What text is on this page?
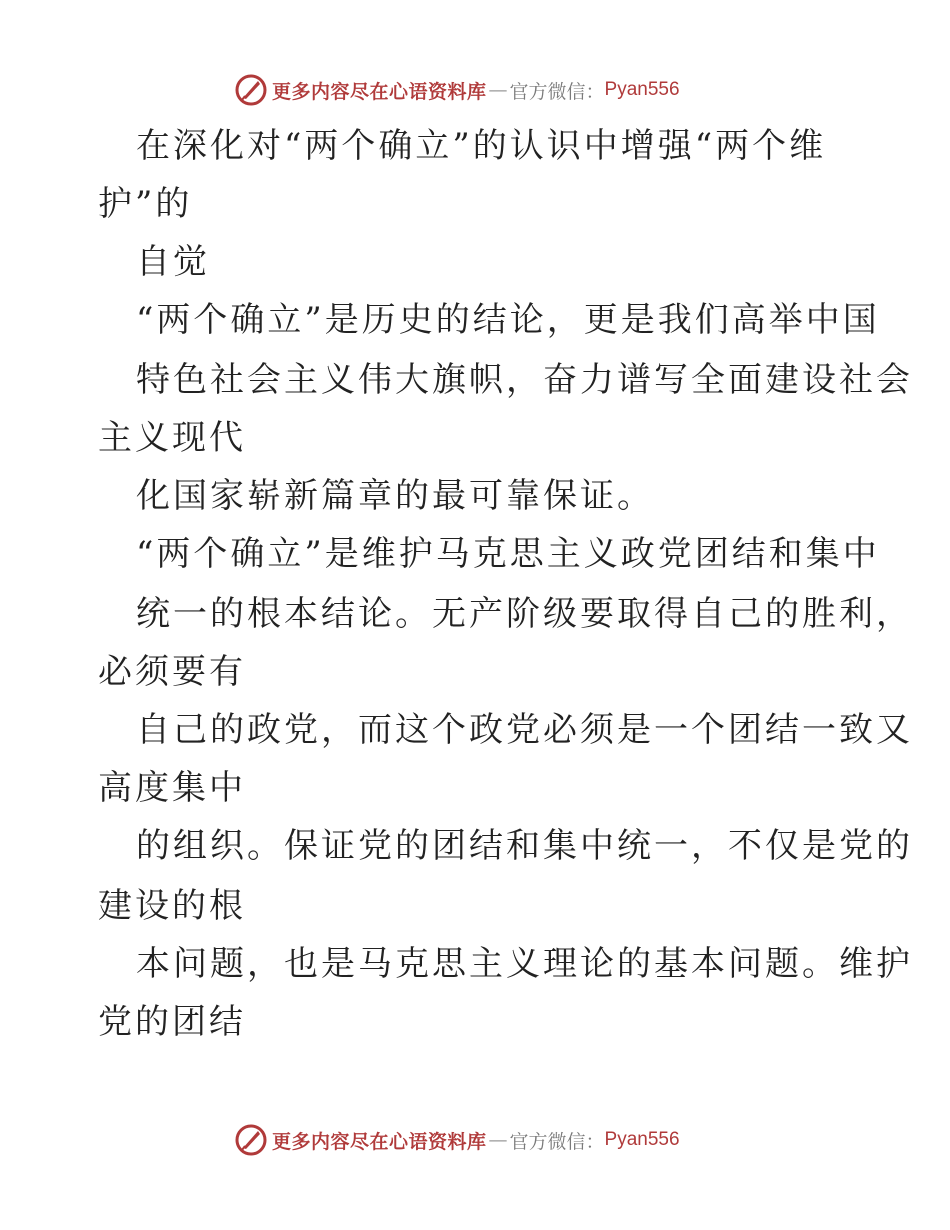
更多内容尽在心语资料库 — 官方微信： Pyan556
在深化对“两个确立”的认识中增强“两个维
护”的
自觉
“两个确立”是历史的结论，更是我们高举中国
特色社会主义伟大旗帜，奋力谱写全面建设社会
主义现代
化国家崭新篇章的最可靠保证。
“两个确立”是维护马克思主义政党团结和集中
统一的根本结论。无产阶级要取得自己的胜利，
必须要有
自己的政党，而这个政党必须是一个团结一致又
高度集中
的组织。保证党的团结和集中统一，不仅是党的
建设的根
本问题，也是马克思主义理论的基本问题。维护
党的团结
更多内容尽在心语资料库 — 官方微信： Pyan556
